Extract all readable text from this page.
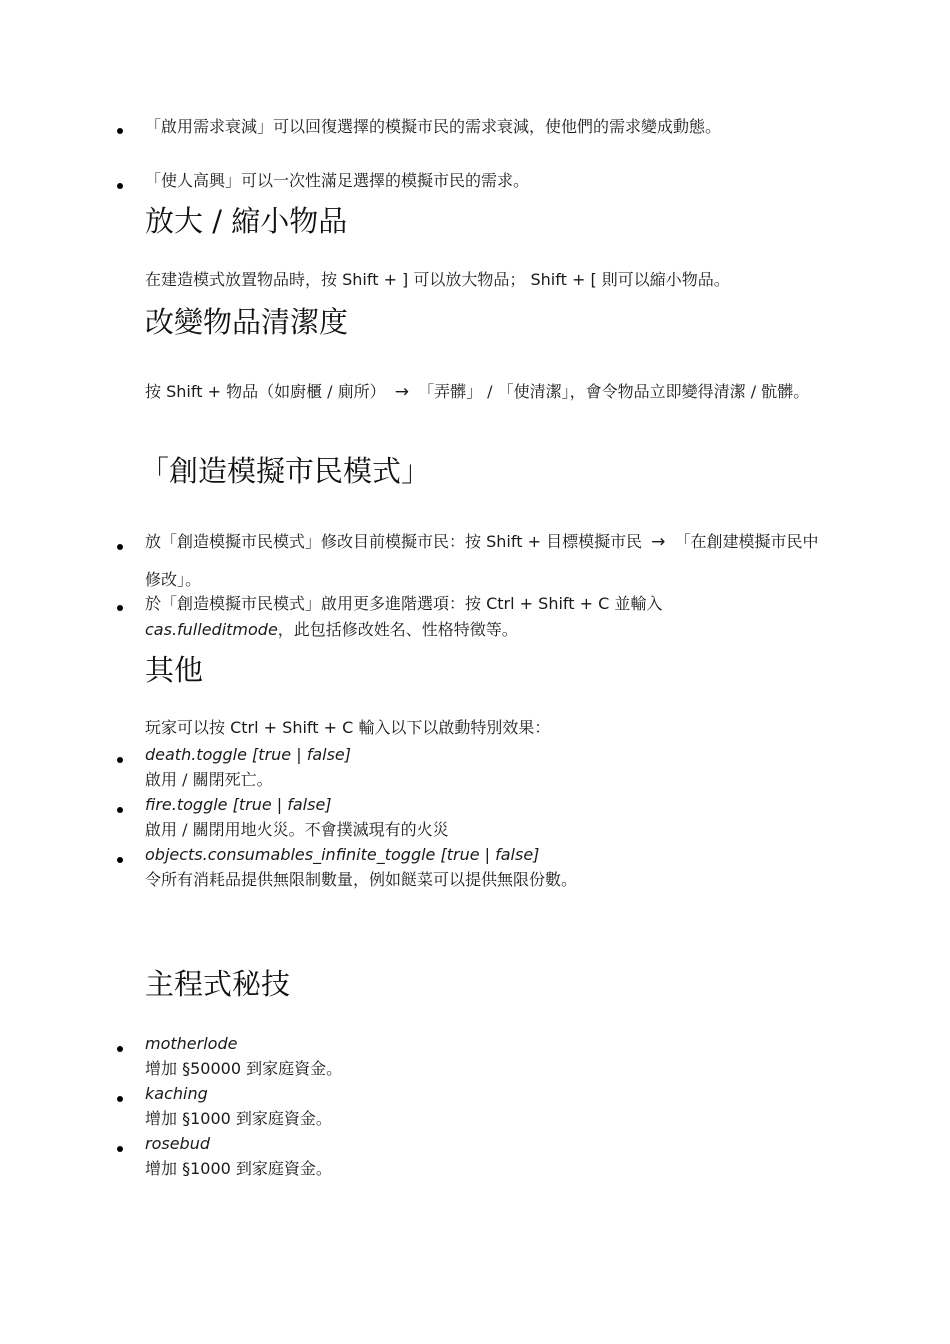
「啟用需求衰減」可以回復選擇的模擬市民的需求衰減，使他們的需求變成動態。
「使人高興」可以一次性滿足選擇的模擬市民的需求。
放大 / 縮小物品
在建造模式放置物品時，按 Shift + ] 可以放大物品； Shift + [ 則可以縮小物品。
改變物品清潔度
按 Shift + 物品（如廚櫃 / 廁所） → 「弄髒」 / 「使清潔」，會令物品立即變得清潔 / 骯髒。
「創造模擬市民模式」
放「創造模擬市民模式」修改目前模擬市民：按 Shift + 目標模擬市民 → 「在創建模擬市民中修改」。
於「創造模擬市民模式」啟用更多進階選項：按 Ctrl + Shift + C 並輸入 cas.fulleditmode，此包括修改姓名、性格特徵等。
其他
玩家可以按 Ctrl + Shift + C 輸入以下以啟動特別效果：
death.toggle [true | false]
啟用 / 關閉死亡。
fire.toggle [true | false]
啟用 / 關閉用地火災。不會撲滅現有的火災
objects.consumables_infinite_toggle [true | false]
令所有消耗品提供無限制數量，例如餸菜可以提供無限份數。
主程式秘技
motherlode
增加 §50000 到家庭資金。
kaching
增加 §1000 到家庭資金。
rosebud
增加 §1000 到家庭資金。
